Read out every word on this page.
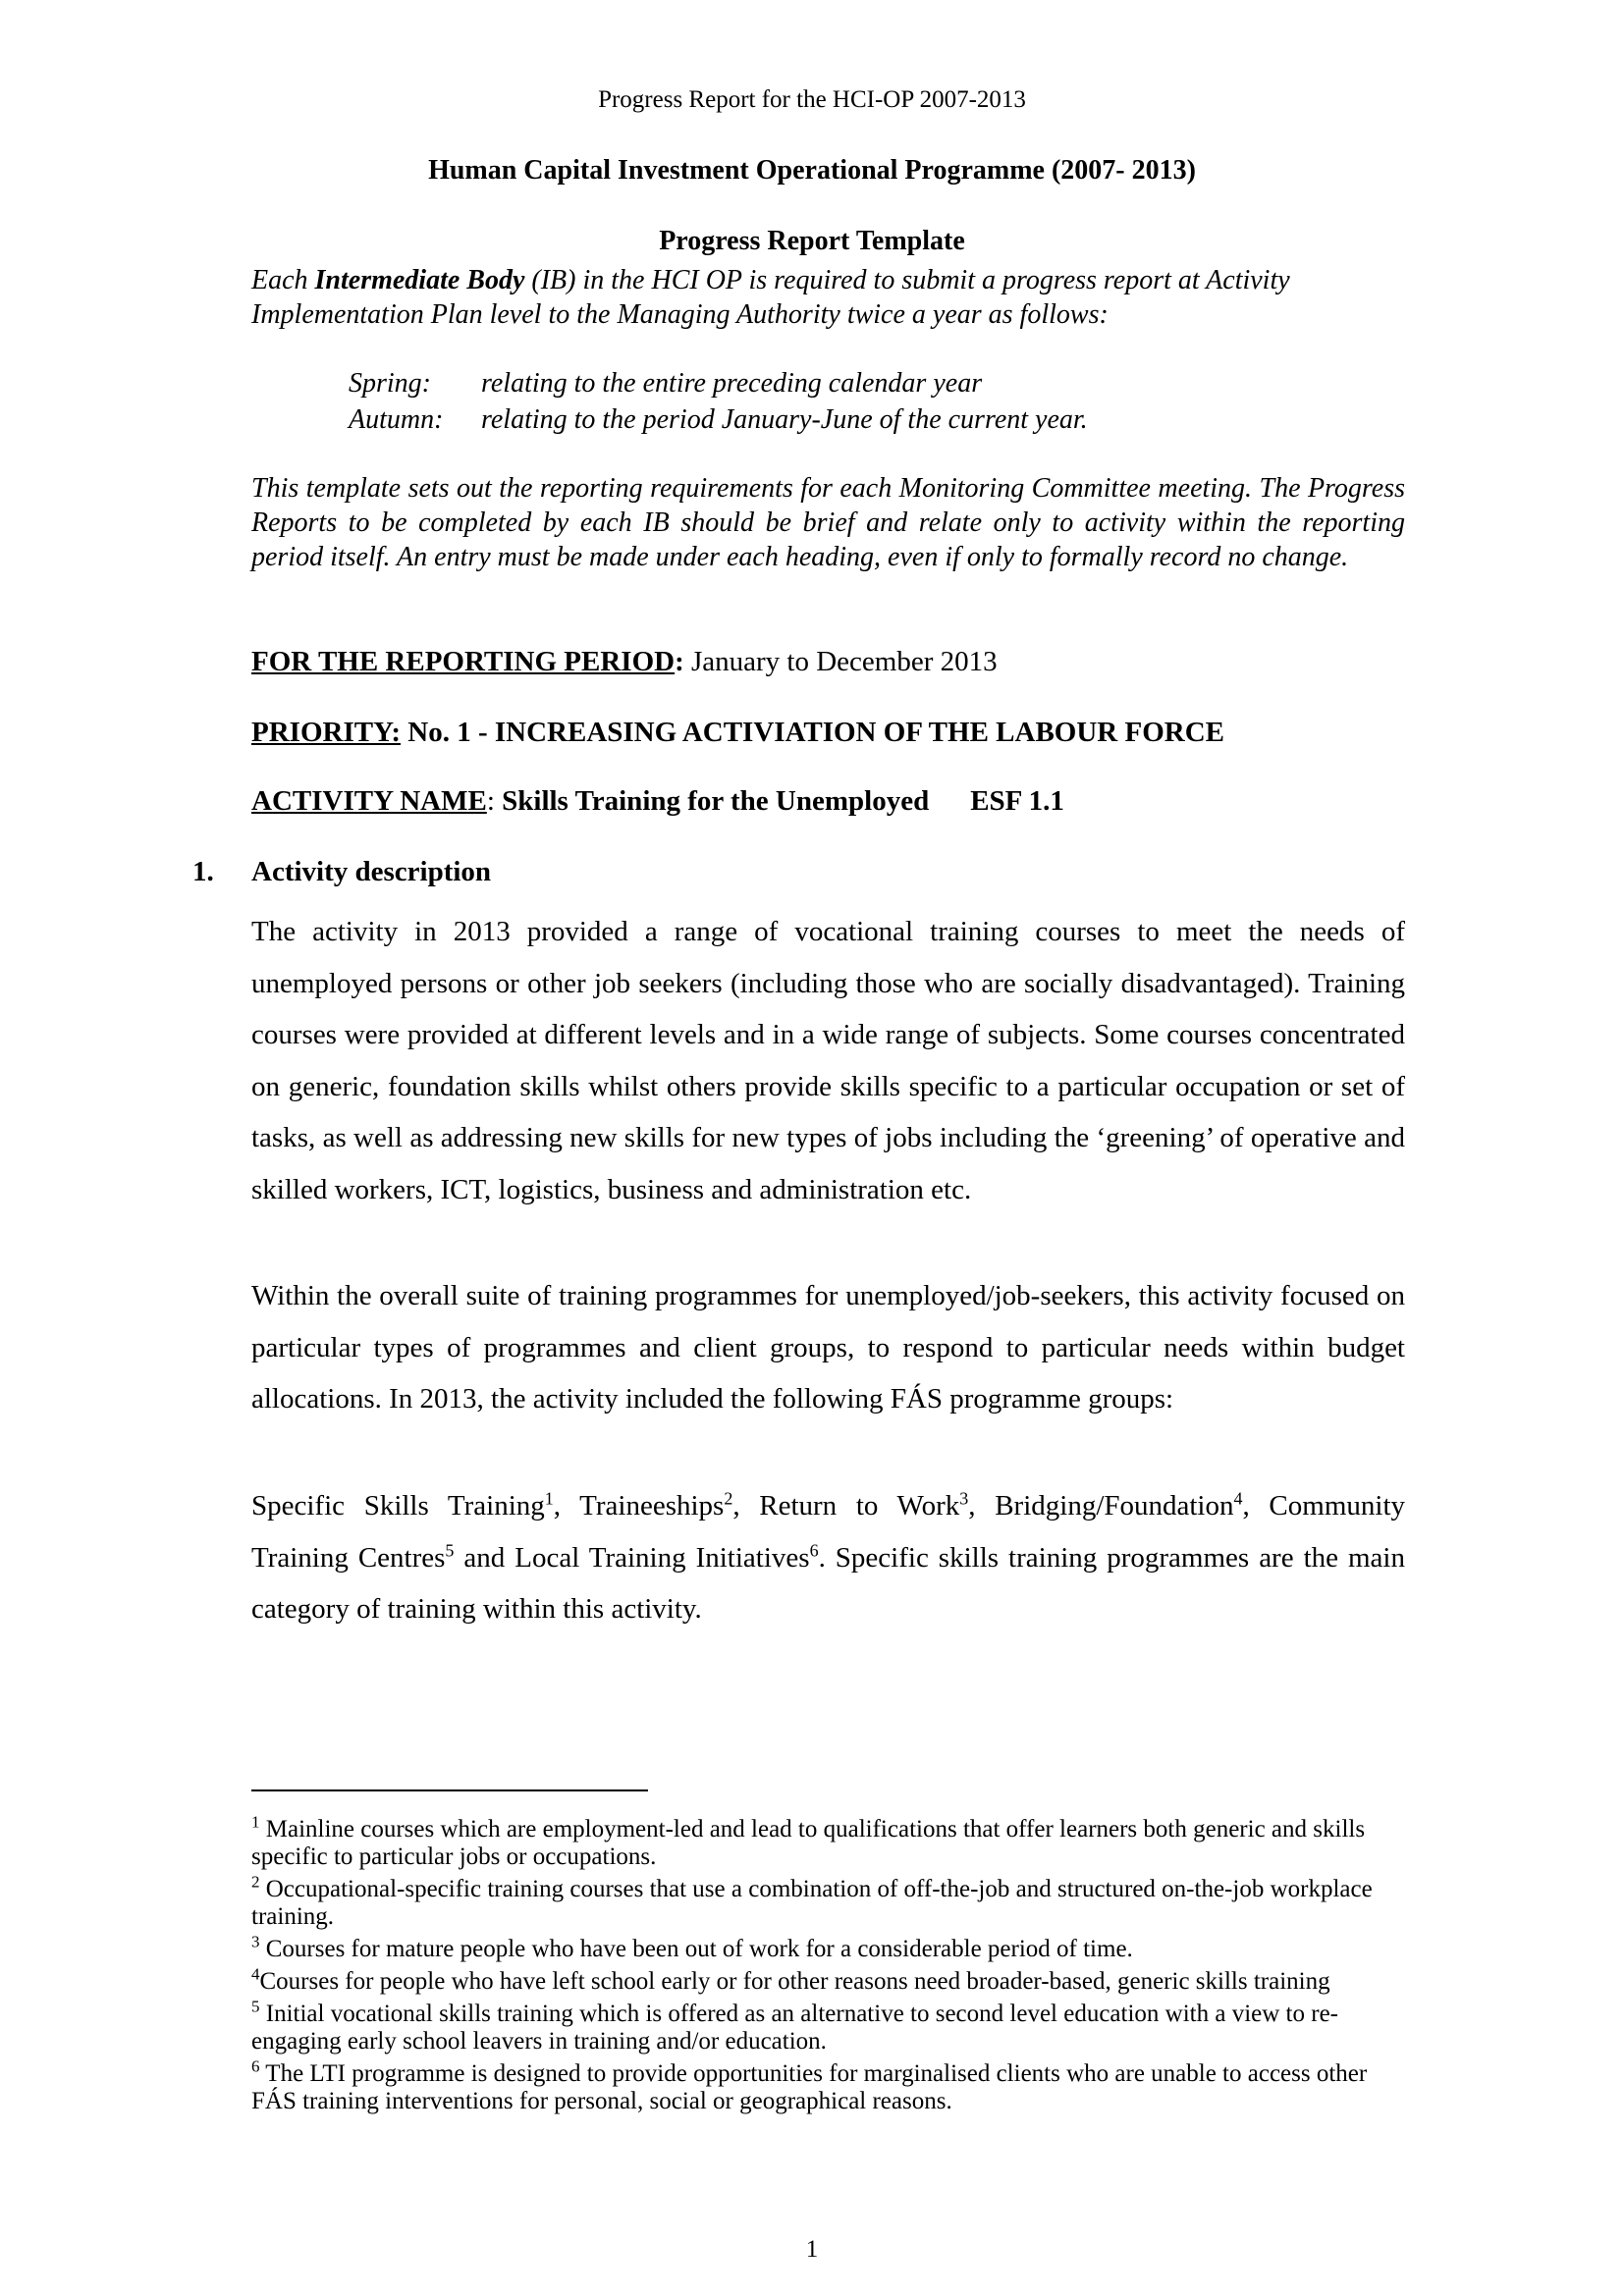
Progress Report for the HCI-OP 2007-2013
Human Capital Investment Operational Programme (2007- 2013)
Progress Report Template

Each Intermediate Body (IB) in the HCI OP is required to submit a progress report at Activity Implementation Plan level to the Managing Authority twice a year as follows:

Spring:	relating to the entire preceding calendar year
Autumn:	relating to the period January-June of the current year.

This template sets out the reporting requirements for each Monitoring Committee meeting. The Progress Reports to be completed by each IB should be brief and relate only to activity within the reporting period itself. An entry must be made under each heading, even if only to formally record no change.

FOR THE REPORTING PERIOD: January to December 2013
PRIORITY: No. 1 - INCREASING ACTIVIATION OF THE LABOUR FORCE
ACTIVITY NAME: Skills Training for the Unemployed ESF 1.1
1. Activity description

The activity in 2013 provided a range of vocational training courses to meet the needs of unemployed persons or other job seekers (including those who are socially disadvantaged). Training courses were provided at different levels and in a wide range of subjects. Some courses concentrated on generic, foundation skills whilst others provide skills specific to a particular occupation or set of tasks, as well as addressing new skills for new types of jobs including the ‘greening’ of operative and skilled workers, ICT, logistics, business and administration etc.

Within the overall suite of training programmes for unemployed/job-seekers, this activity focused on particular types of programmes and client groups, to respond to particular needs within budget allocations. In 2013, the activity included the following FÁS programme groups:

Specific Skills Training$^1$, Traineeships$^2$, Return to Work$^3$, Bridging/Foundation$^4$, Community Training Centres$^5$ and Local Training Initiatives$^6$. Specific skills training programmes are the main category of training within this activity.

$^1$ Mainline courses which are employment-led and lead to qualifications that offer learners both generic and skills specific to particular jobs or occupations.

$^2$ Occupational-specific training courses that use a combination of off-the-job and structured on-the-job workplace training.

$^3$ Courses for mature people who have been out of work for a considerable period of time.

$^4$Courses for people who have left school early or for other reasons need broader-based, generic skills training

$^5$ Initial vocational skills training which is offered as an alternative to second level education with a view to re-engaging early school leavers in training and/or education.

$^6$ The LTI programme is designed to provide opportunities for marginalised clients who are unable to access other FÁS training interventions for personal, social or geographical reasons.

1
